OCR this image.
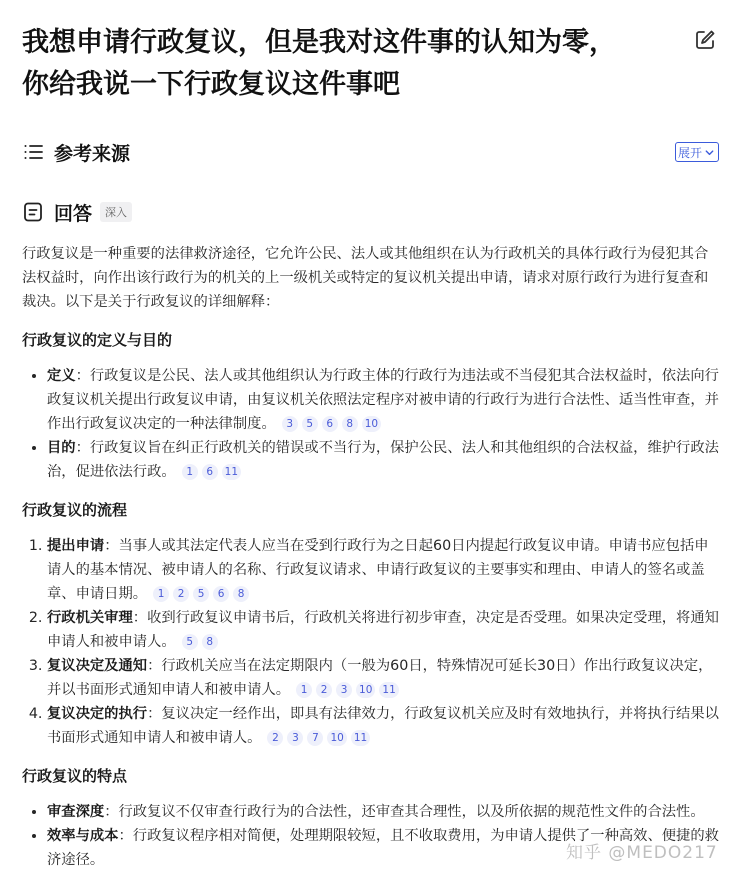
我想申请行政复议，但是我对这件事的认知为零，
你给我说一下行政复议这件事吧
参考来源	展开
回答	深入

行政复议是一种重要的法律救济途径，它允许公民、法人或其他组织在认为行政机关的具体行政行为侵犯其合法权益时，向作出该行政行为的机关的上一级机关或特定的复议机关提出申请，请求对原行政行为进行复查和裁决。以下是关于行政复议的详细解释：

行政复议的定义与目的
• 定义：行政复议是公民、法人或其他组织认为行政主体的行政行为违法或不当侵犯其合法权益时，依法向行政复议机关提出行政复议申请，由复议机关依照法定程序对被申请的行政行为进行合法性、适当性审查，并作出行政复议决定的一种法律制度。	3	5	6	8	10
• 目的：行政复议旨在纠正行政机关的错误或不当行为，保护公民、法人和其他组织的合法权益，维护行政法治，促进依法行政。	1	6	11
行政复议的流程
1. 提出申请：当事人或其法定代表人应当在受到行政行为之日起60日内提起行政复议申请。申请书应包括申请人的基本情况、被申请人的名称、行政复议请求、申请行政复议的主要事实和理由、申请人的签名或盖章、申请日期。	1	2	5	6	8
2. 行政机关审理：收到行政复议申请书后，行政机关将进行初步审查，决定是否受理。如果决定受理，将通知申请人和被申请人。	5	8
3. 复议决定及通知：行政机关应当在法定期限内（一般为60日，特殊情况可延长30日）作出行政复议决定，并以书面形式通知申请人和被申请人。	1	2	3	10 11
4. 复议决定的执行：复议决定一经作出，即具有法律效力，行政复议机关应及时有效地执行，并将执行结果以书面形式通知申请人和被申请人。	2	3	7	10 11
行政复议的特点
• 审查深度：行政复议不仅审查行政行为的合法性，还审查其合理性，以及所依据的规范性文件的合法性。
• 效率与成本：行政复议程序相对简便，处理期限较短，且不收取费用，为申请人提供了一种高效、便捷的救济途径。	知乎 @MEDO217
